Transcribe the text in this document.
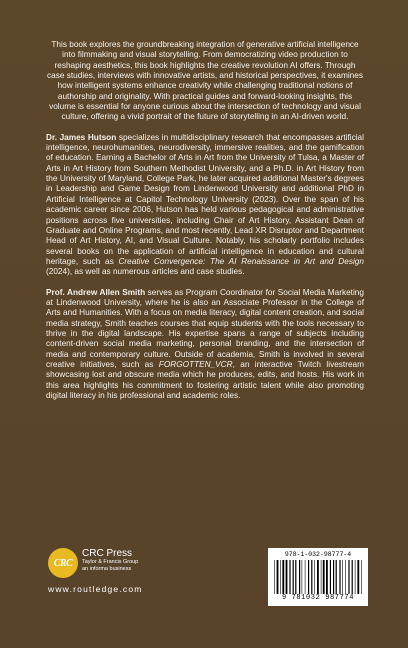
This book explores the groundbreaking integration of generative artificial intelligence into filmmaking and visual storytelling. From democratizing video production to reshaping aesthetics, this book highlights the creative revolution AI offers. Through case studies, interviews with innovative artists, and historical perspectives, it examines how intelligent systems enhance creativity while challenging traditional notions of authorship and originality. With practical guides and forward-looking insights, this volume is essential for anyone curious about the intersection of technology and visual culture, offering a vivid portrait of the future of storytelling in an AI-driven world.

Dr. James Hutson specializes in multidisciplinary research that encompasses artificial intelligence, neurohumanities, neurodiversity, immersive realities, and the gamification of education. Earning a Bachelor of Arts in Art from the University of Tulsa, a Master of Arts in Art History from Southern Methodist University, and a Ph.D. in Art History from the University of Maryland, College Park, he later acquired additional Master's degrees in Leadership and Game Design from Lindenwood University and additional PhD in Artificial Intelligence at Capitol Technology University (2023). Over the span of his academic career since 2006, Hutson has held various pedagogical and administrative positions across five universities, including Chair of Art History, Assistant Dean of Graduate and Online Programs, and most recently, Lead XR Disruptor and Department Head of Art History, AI, and Visual Culture. Notably, his scholarly portfolio includes several books on the application of artificial intelligence in education and cultural heritage, such as Creative Convergence: The AI Renaissance in Art and Design (2024), as well as numerous articles and case studies.

Prof. Andrew Allen Smith serves as Program Coordinator for Social Media Marketing at Lindenwood University, where he is also an Associate Professor in the College of Arts and Humanities. With a focus on media literacy, digital content creation, and social media strategy, Smith teaches courses that equip students with the tools necessary to thrive in the digital landscape. His expertise spans a range of subjects including content-driven social media marketing, personal branding, and the intersection of media and contemporary culture. Outside of academia, Smith is involved in several creative initiatives, such as FORGOTTEN_VCR, an interactive Twitch livestream showcasing lost and obscure media which he produces, edits, and hosts. His work in this area highlights his commitment to fostering artistic talent while also promoting digital literacy in his professional and academic roles.

CRC
CRC Press
Taylor & Francis Group
an informa business
www.routledge.com
978-1-032-98777-4
9 781032 987774
